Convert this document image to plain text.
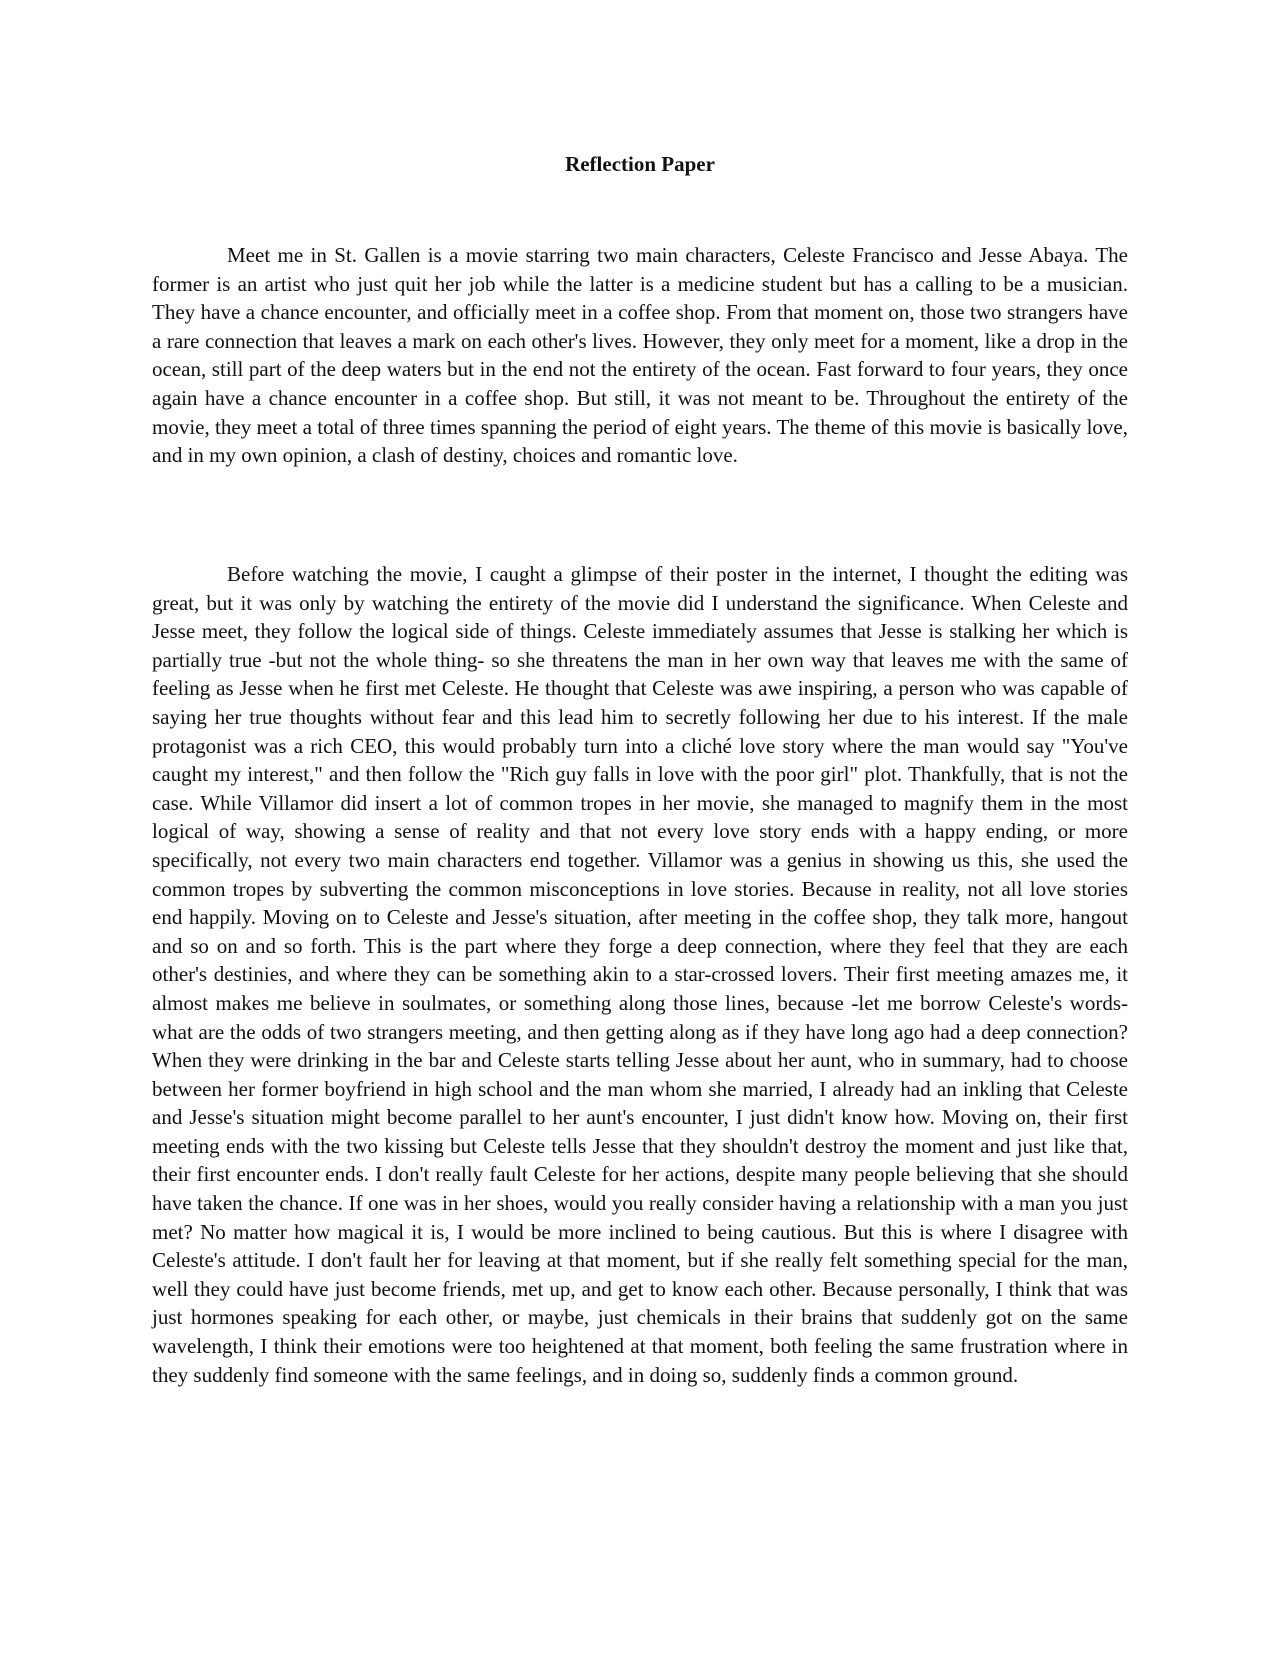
Reflection Paper

Meet me in St. Gallen is a movie starring two main characters, Celeste Francisco and Jesse Abaya. The former is an artist who just quit her job while the latter is a medicine student but has a calling to be a musician. They have a chance encounter, and officially meet in a coffee shop. From that moment on, those two strangers have a rare connection that leaves a mark on each other's lives. However, they only meet for a moment, like a drop in the ocean, still part of the deep waters but in the end not the entirety of the ocean. Fast forward to four years, they once again have a chance encounter in a coffee shop. But still, it was not meant to be. Throughout the entirety of the movie, they meet a total of three times spanning the period of eight years. The theme of this movie is basically love, and in my own opinion, a clash of destiny, choices and romantic love.

Before watching the movie, I caught a glimpse of their poster in the internet, I thought the editing was great, but it was only by watching the entirety of the movie did I understand the significance. When Celeste and Jesse meet, they follow the logical side of things. Celeste immediately assumes that Jesse is stalking her which is partially true -but not the whole thing- so she threatens the man in her own way that leaves me with the same of feeling as Jesse when he first met Celeste. He thought that Celeste was awe inspiring, a person who was capable of saying her true thoughts without fear and this lead him to secretly following her due to his interest. If the male protagonist was a rich CEO, this would probably turn into a cliché love story where the man would say "You've caught my interest," and then follow the "Rich guy falls in love with the poor girl" plot. Thankfully, that is not the case. While Villamor did insert a lot of common tropes in her movie, she managed to magnify them in the most logical of way, showing a sense of reality and that not every love story ends with a happy ending, or more specifically, not every two main characters end together. Villamor was a genius in showing us this, she used the common tropes by subverting the common misconceptions in love stories. Because in reality, not all love stories end happily. Moving on to Celeste and Jesse's situation, after meeting in the coffee shop, they talk more, hangout and so on and so forth. This is the part where they forge a deep connection, where they feel that they are each other's destinies, and where they can be something akin to a star-crossed lovers. Their first meeting amazes me, it almost makes me believe in soulmates, or something along those lines, because -let me borrow Celeste's words- what are the odds of two strangers meeting, and then getting along as if they have long ago had a deep connection? When they were drinking in the bar and Celeste starts telling Jesse about her aunt, who in summary, had to choose between her former boyfriend in high school and the man whom she married, I already had an inkling that Celeste and Jesse's situation might become parallel to her aunt's encounter, I just didn't know how. Moving on, their first meeting ends with the two kissing but Celeste tells Jesse that they shouldn't destroy the moment and just like that, their first encounter ends. I don't really fault Celeste for her actions, despite many people believing that she should have taken the chance. If one was in her shoes, would you really consider having a relationship with a man you just met? No matter how magical it is, I would be more inclined to being cautious. But this is where I disagree with Celeste's attitude. I don't fault her for leaving at that moment, but if she really felt something special for the man, well they could have just become friends, met up, and get to know each other. Because personally, I think that was just hormones speaking for each other, or maybe, just chemicals in their brains that suddenly got on the same wavelength, I think their emotions were too heightened at that moment, both feeling the same frustration where in they suddenly find someone with the same feelings, and in doing so, suddenly finds a common ground.
